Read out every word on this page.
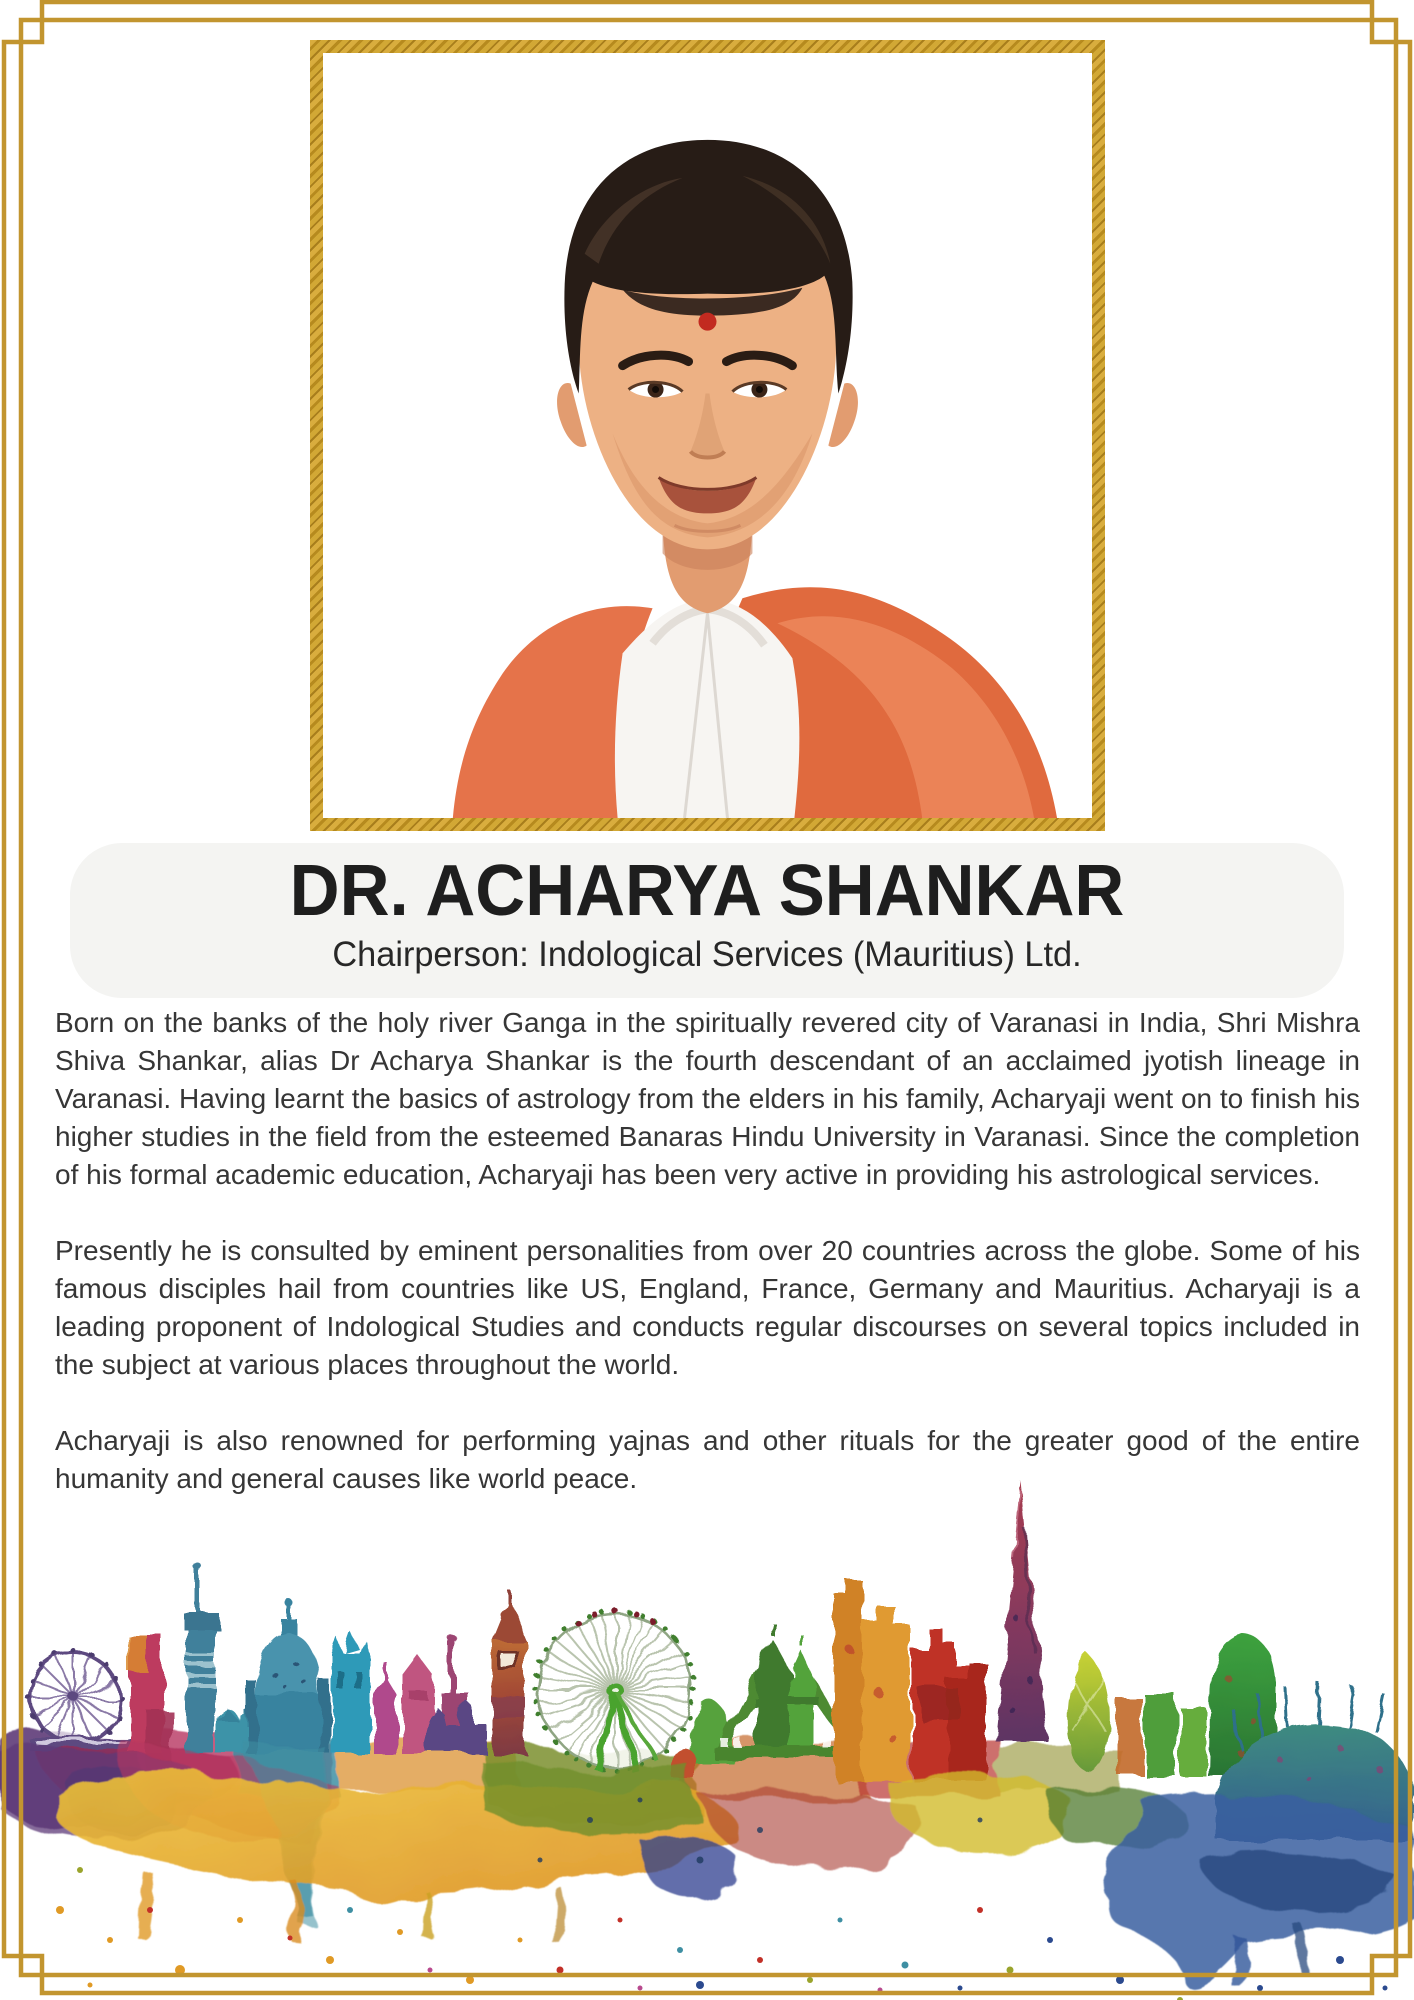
DR. ACHARYA SHANKAR
Chairperson: Indological Services (Mauritius) Ltd.

Born on the banks of the holy river Ganga in the spiritually revered city of Varanasi in India, Shri Mishra Shiva Shankar, alias Dr Acharya Shankar is the fourth descendant of an acclaimed jyotish lineage in Varanasi. Having learnt the basics of astrology from the elders in his family, Acharyaji went on to finish his higher studies in the field from the esteemed Banaras Hindu University in Varanasi. Since the completion of his formal academic education, Acharyaji has been very active in providing his astrological services.

Presently he is consulted by eminent personalities from over 20 countries across the globe. Some of his famous disciples hail from countries like US, England, France, Germany and Mauritius. Acharyaji is a leading proponent of Indological Studies and conducts regular discourses on several topics included in the subject at various places throughout the world.

Acharyaji is also renowned for performing yajnas and other rituals for the greater good of the entire humanity and general causes like world peace.
